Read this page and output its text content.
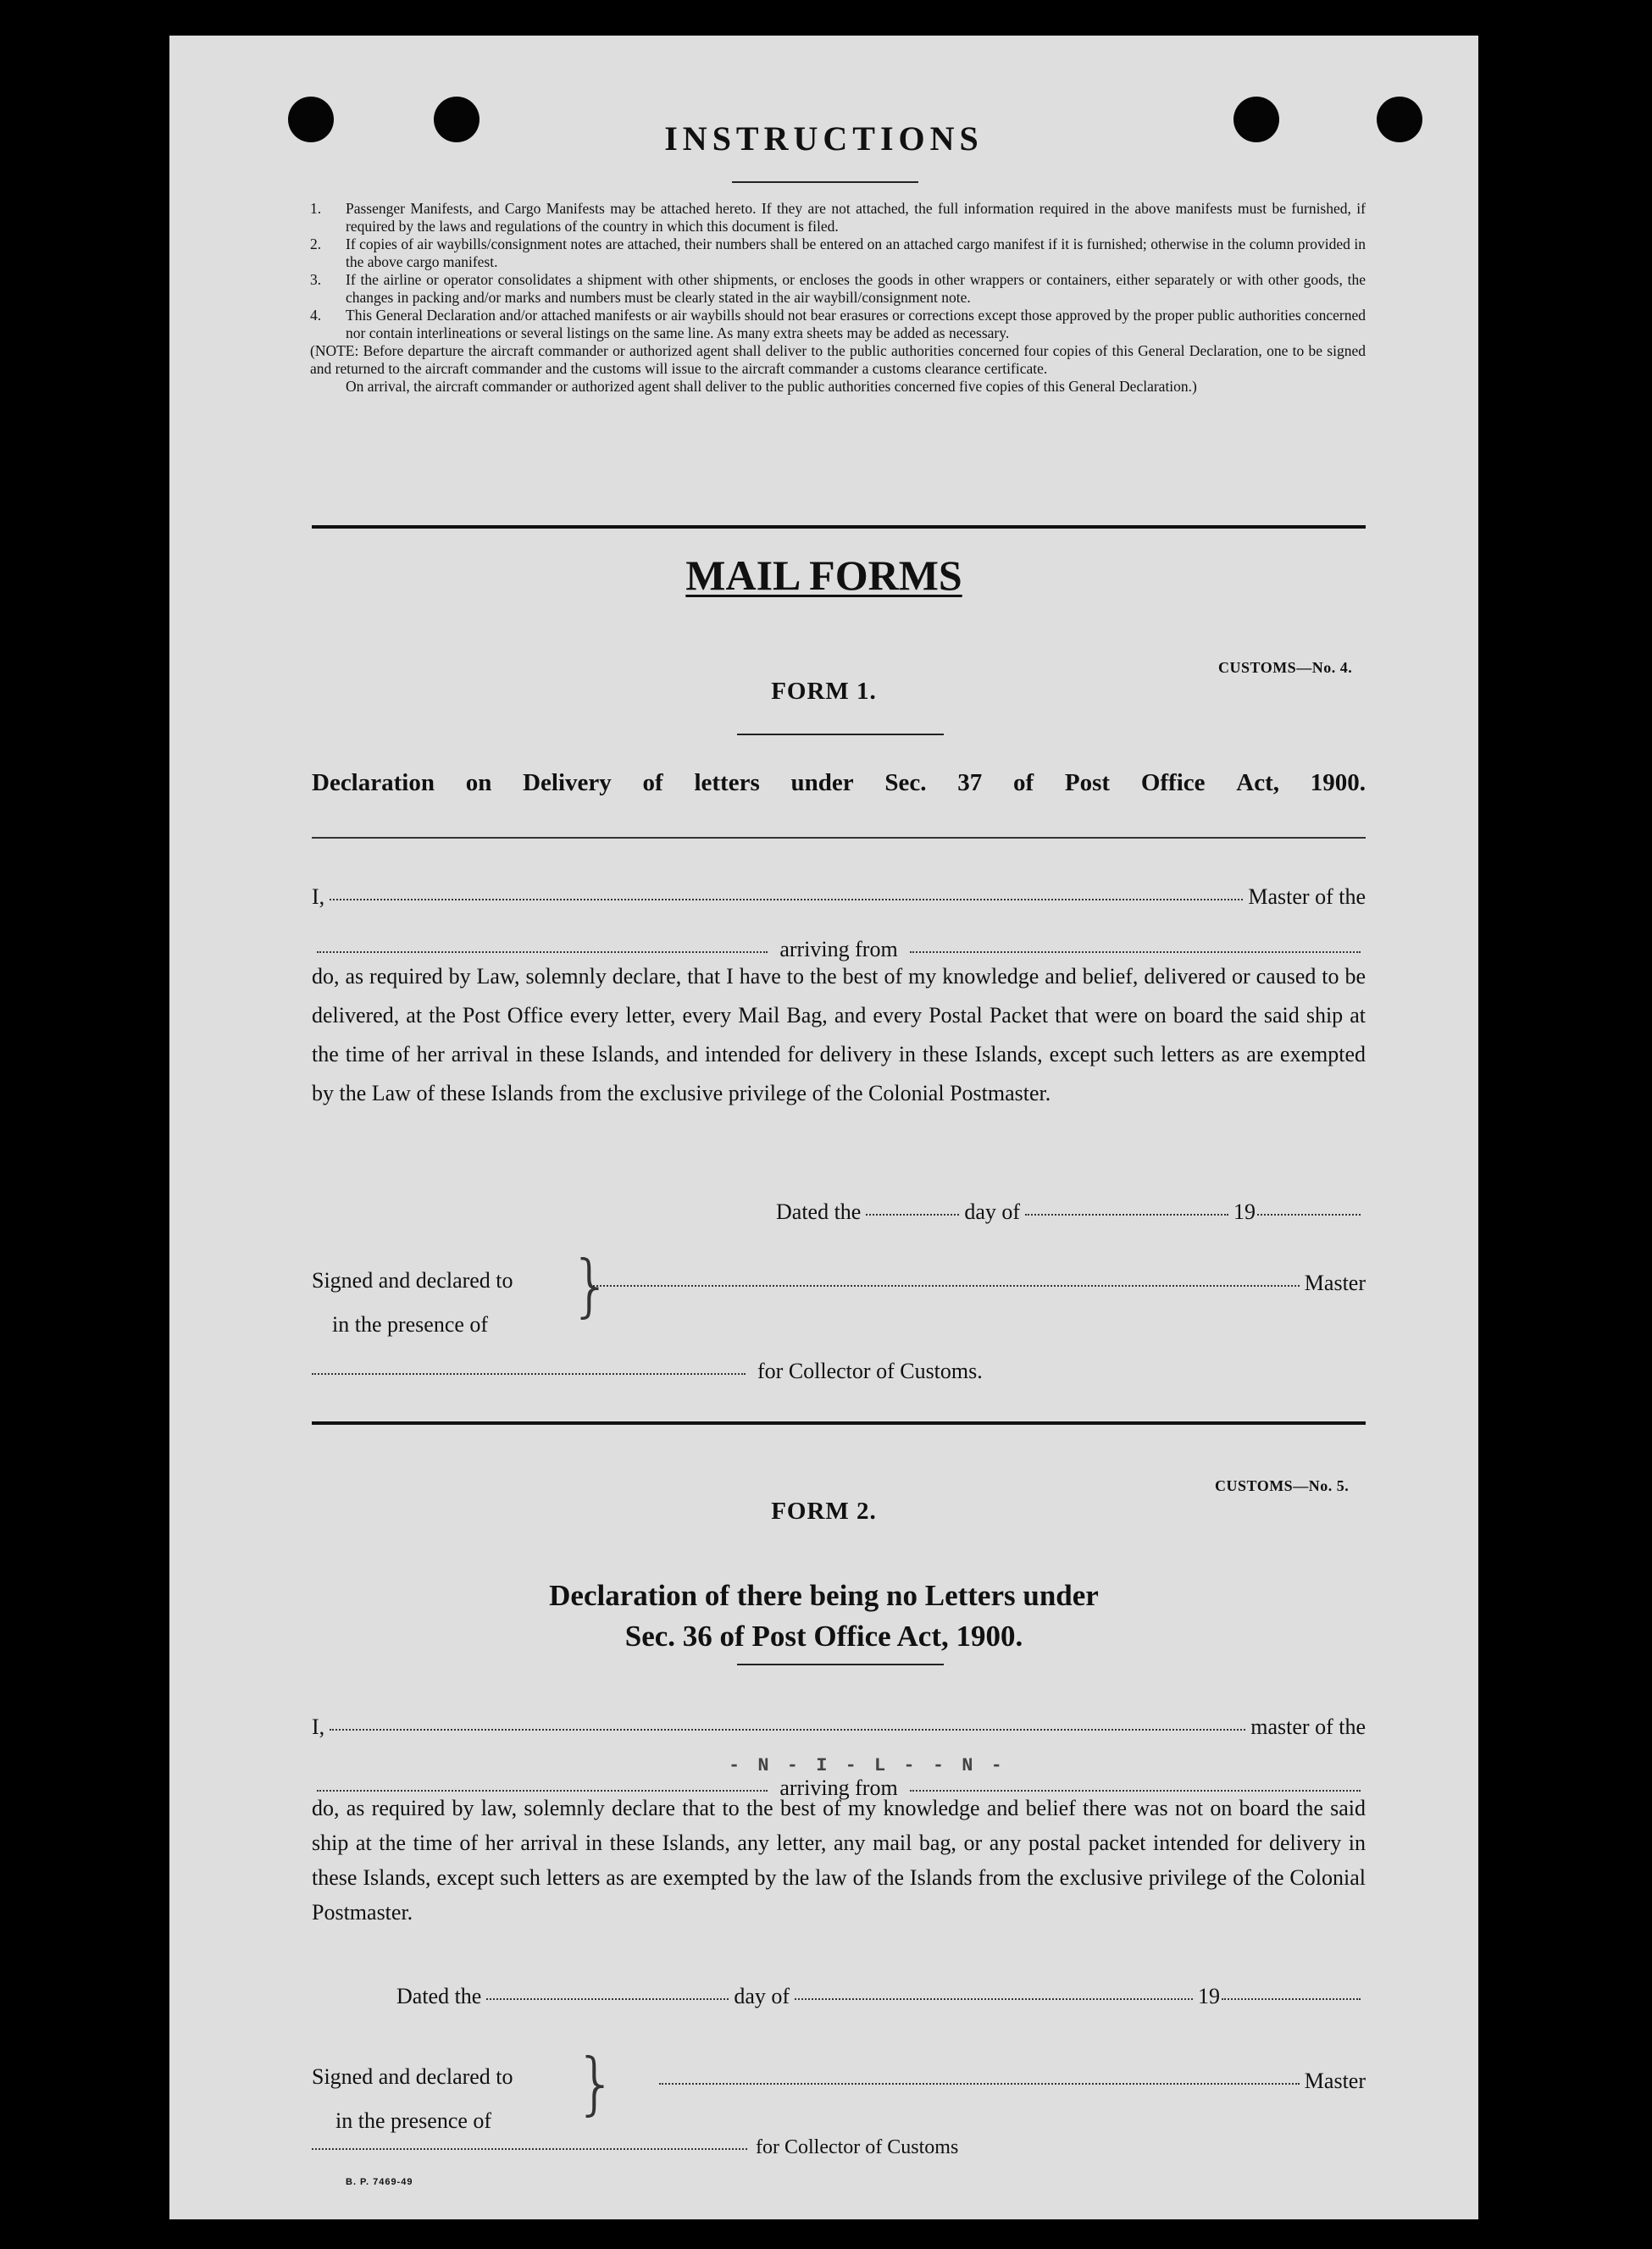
INSTRUCTIONS
1.	Passenger Manifests, and Cargo Manifests may be attached hereto. If they are not attached, the full information required in the above manifests must be furnished, if required by the laws and regulations of the country in which this document is filed.
2.	If copies of air waybills/consignment notes are attached, their numbers shall be entered on an attached cargo manifest if it is furnished; otherwise in the column provided in the above cargo manifest.
3.	If the airline or operator consolidates a shipment with other shipments, or encloses the goods in other wrappers or containers, either separately or with other goods, the changes in packing and/or marks and numbers must be clearly stated in the air waybill/consignment note.
4.	This General Declaration and/or attached manifests or air waybills should not bear erasures or corrections except those approved by the proper public authorities concerned nor contain interlineations or several listings on the same line. As many extra sheets may be added as necessary.
(NOTE: Before departure the aircraft commander or authorized agent shall deliver to the public authorities concerned four copies of this General Declaration, one to be signed and returned to the aircraft commander and the customs will issue to the aircraft commander a customs clearance certificate.
On arrival, the aircraft commander or authorized agent shall deliver to the public authorities concerned five copies of this General Declaration.)
MAIL FORMS
CUSTOMS—No. 4.
FORM 1.
Declaration on Delivery of letters under Sec. 37 of Post Office Act, 1900.
I,	Master of the
arriving from
do, as required by Law, solemnly declare, that I have to the best of my knowledge and belief, delivered or caused to be delivered, at the Post Office every letter, every Mail Bag, and every Postal Packet that were on board the said ship at the time of her arrival in these Islands, and intended for delivery in these Islands, except such letters as are exempted by the Law of these Islands from the exclusive privilege of the Colonial Postmaster.
Dated the	day of	19
Signed and declared to
in the presence of	}	Master
for Collector of Customs.
CUSTOMS—No. 5.
FORM 2.
Declaration of there being no Letters under
Sec. 36 of Post Office Act, 1900.
I,	master of the
- N - I - L - - N -
arriving from
do, as required by law, solemnly declare that to the best of my knowledge and belief there was not on board the said ship at the time of her arrival in these Islands, any letter, any mail bag, or any postal packet intended for delivery in these Islands, except such letters as are exempted by the law of the Islands from the exclusive privilege of the Colonial Postmaster.
Dated the	day of	19
Signed and declared to
in the presence of	}	Master
for Collector of Customs
B. P. 7469-49
